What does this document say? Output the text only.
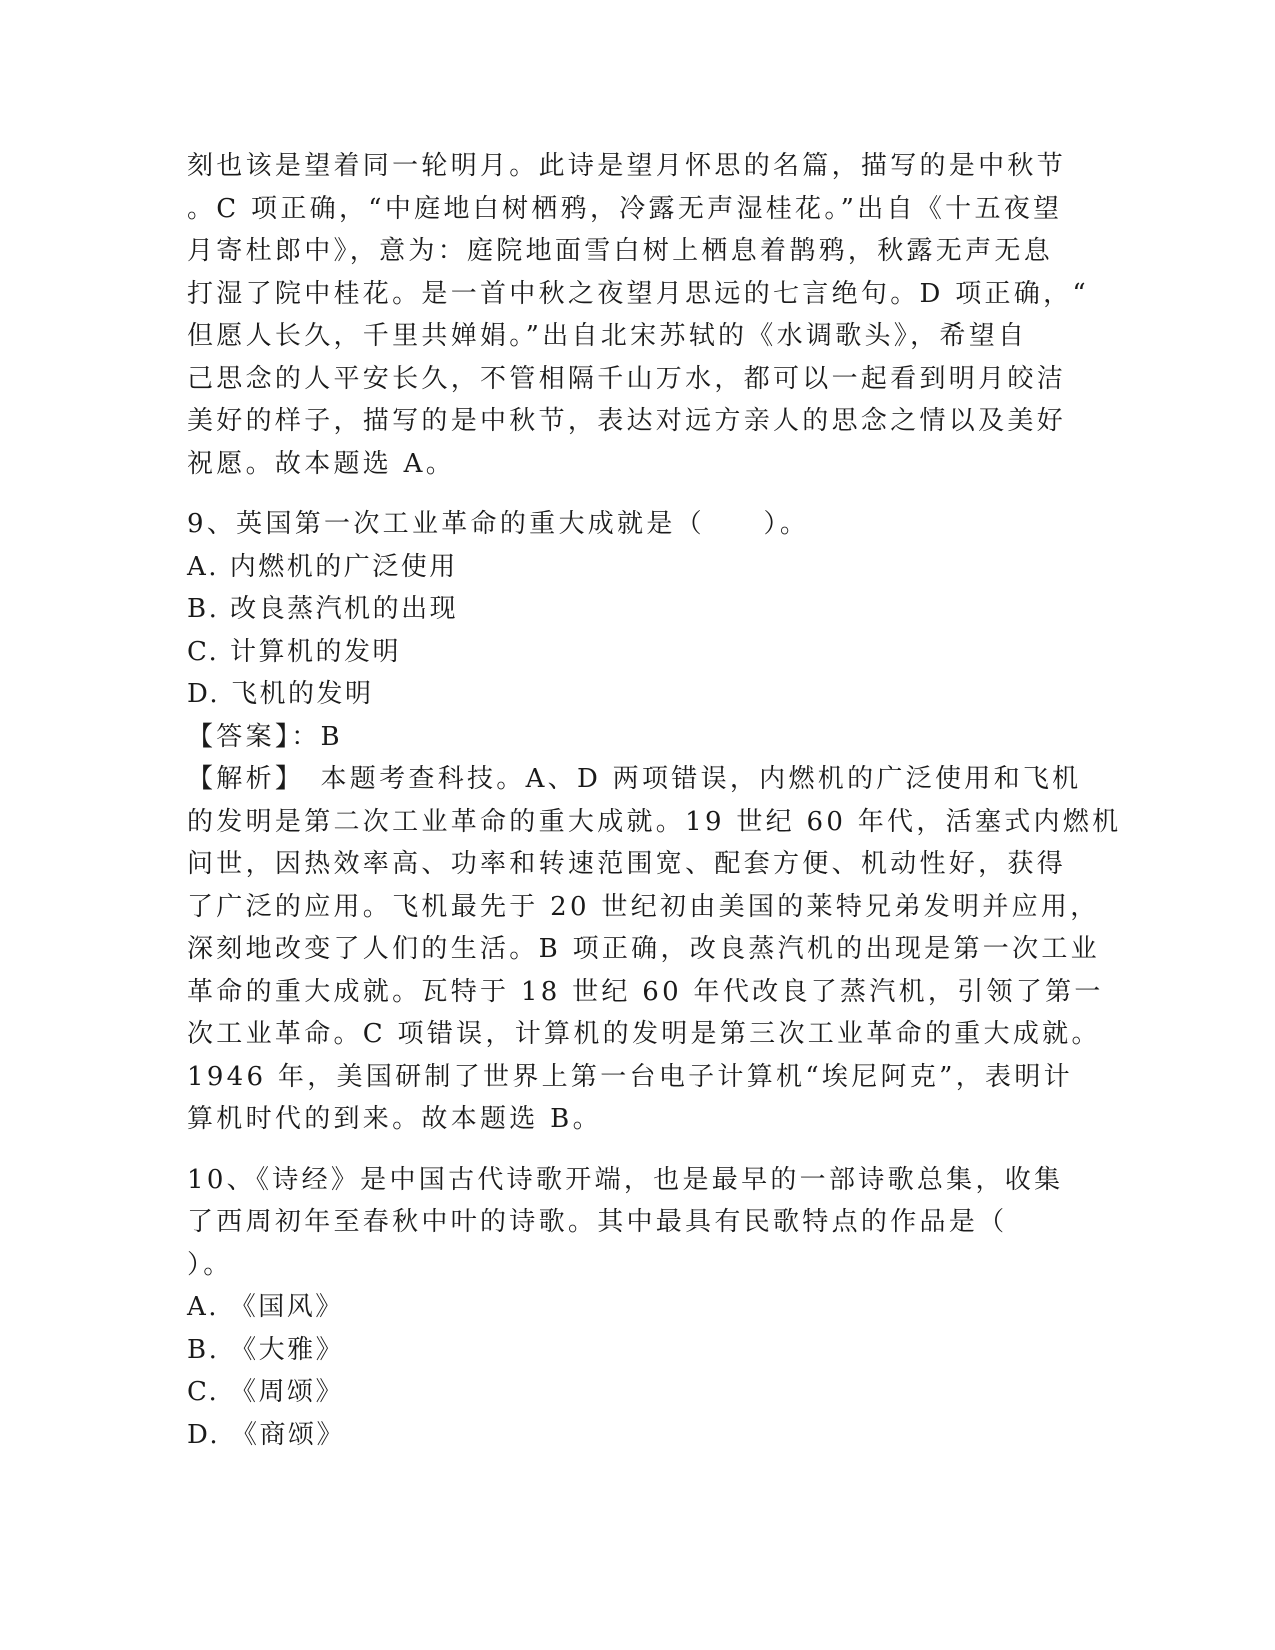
刻也该是望着同一轮明月。此诗是望月怀思的名篇，描写的是中秋节
。C 项正确，“中庭地白树栖鸦，冷露无声湿桂花。”出自《十五夜望
月寄杜郎中》，意为：庭院地面雪白树上栖息着鹊鸦，秋露无声无息
打湿了院中桂花。是一首中秋之夜望月思远的七言绝句。D 项正确，“
但愿人长久，千里共婵娟。”出自北宋苏轼的《水调歌头》，希望自
己思念的人平安长久，不管相隔千山万水，都可以一起看到明月皎洁
美好的样子，描写的是中秋节，表达对远方亲人的思念之情以及美好
祝愿。故本题选 A。
9、英国第一次工业革命的重大成就是（　　）。
A. 内燃机的广泛使用
B. 改良蒸汽机的出现
C. 计算机的发明
D. 飞机的发明
【答案】：B
【解析】　本题考查科技。A、D 两项错误，内燃机的广泛使用和飞机
的发明是第二次工业革命的重大成就。19 世纪 60 年代，活塞式内燃机
问世，因热效率高、功率和转速范围宽、配套方便、机动性好，获得
了广泛的应用。飞机最先于 20 世纪初由美国的莱特兄弟发明并应用，
深刻地改变了人们的生活。B 项正确，改良蒸汽机的出现是第一次工业
革命的重大成就。瓦特于 18 世纪 60 年代改良了蒸汽机，引领了第一
次工业革命。C 项错误，计算机的发明是第三次工业革命的重大成就。
1946 年，美国研制了世界上第一台电子计算机“埃尼阿克”，表明计
算机时代的到来。故本题选 B。
10、《诗经》是中国古代诗歌开端，也是最早的一部诗歌总集，收集
了西周初年至春秋中叶的诗歌。其中最具有民歌特点的作品是（
）。
A. 《国风》
B. 《大雅》
C. 《周颂》
D. 《商颂》
